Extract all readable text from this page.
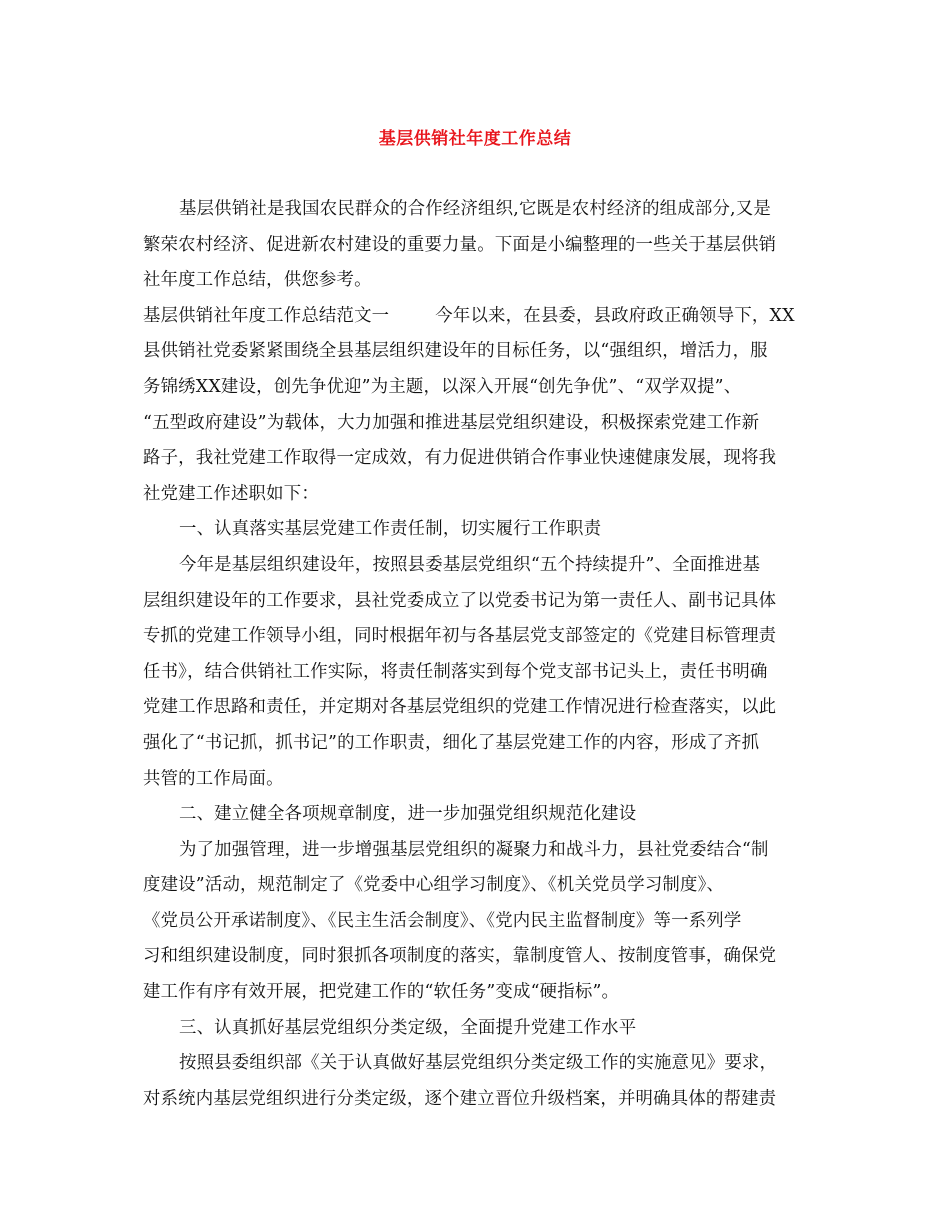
基层供销社年度工作总结
基层供销社是我国农民群众的合作经济组织,它既是农村经济的组成部分,又是
繁荣农村经济、促进新农村建设的重要力量。下面是小编整理的一些关于基层供销
社年度工作总结，供您参考。
基层供销社年度工作总结范文一	今年以来，在县委，县政府政正确领导下，XX
县供销社党委紧紧围绕全县基层组织建设年的目标任务，以“强组织，增活力，服
务锦绣XX建设，创先争优迎”为主题，以深入开展“创先争优”、“双学双提”、
“五型政府建设”为载体，大力加强和推进基层党组织建设，积极探索党建工作新
路子，我社党建工作取得一定成效，有力促进供销合作事业快速健康发展，现将我
社党建工作述职如下：
一、认真落实基层党建工作责任制，切实履行工作职责
今年是基层组织建设年，按照县委基层党组织“五个持续提升”、全面推进基
层组织建设年的工作要求，县社党委成立了以党委书记为第一责任人、副书记具体
专抓的党建工作领导小组，同时根据年初与各基层党支部签定的《党建目标管理责
任书》，结合供销社工作实际，将责任制落实到每个党支部书记头上，责任书明确
党建工作思路和责任，并定期对各基层党组织的党建工作情况进行检查落实，以此
强化了“书记抓，抓书记”的工作职责，细化了基层党建工作的内容，形成了齐抓
共管的工作局面。
二、建立健全各项规章制度，进一步加强党组织规范化建设
为了加强管理，进一步增强基层党组织的凝聚力和战斗力，县社党委结合“制
度建设”活动，规范制定了《党委中心组学习制度》、《机关党员学习制度》、
《党员公开承诺制度》、《民主生活会制度》、《党内民主监督制度》等一系列学
习和组织建设制度，同时狠抓各项制度的落实，靠制度管人、按制度管事，确保党
建工作有序有效开展，把党建工作的“软任务”变成“硬指标”。
三、认真抓好基层党组织分类定级，全面提升党建工作水平
按照县委组织部《关于认真做好基层党组织分类定级工作的实施意见》要求，
对系统内基层党组织进行分类定级，逐个建立晋位升级档案，并明确具体的帮建责
